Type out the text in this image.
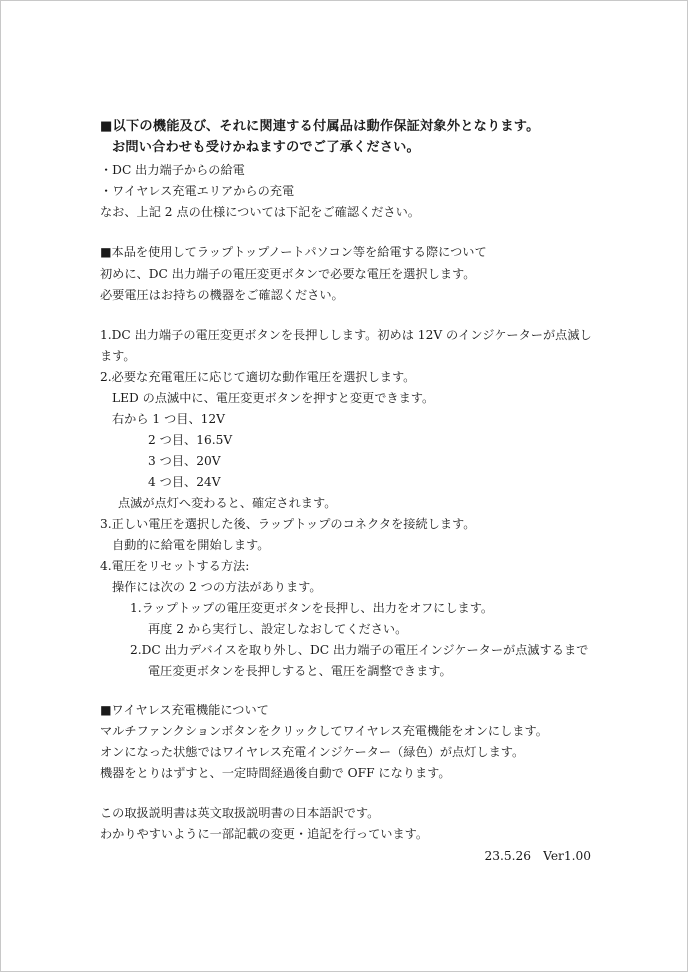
■以下の機能及び、それに関連する付属品は動作保証対象外となります。
お問い合わせも受けかねますのでご了承ください。
・DC 出力端子からの給電
・ワイヤレス充電エリアからの充電
なお、上記 2 点の仕様については下記をご確認ください。
■本品を使用してラップトップノートパソコン等を給電する際について
初めに、DC 出力端子の電圧変更ボタンで必要な電圧を選択します。
必要電圧はお持ちの機器をご確認ください。
1.DC 出力端子の電圧変更ボタンを長押しします。初めは 12V のインジケーターが点滅し
ます。
2.必要な充電電圧に応じて適切な動作電圧を選択します。
LED の点滅中に、電圧変更ボタンを押すと変更できます。
右から 1 つ目、12V
2 つ目、16.5V
3 つ目、20V
4 つ目、24V
点滅が点灯へ変わると、確定されます。
3.正しい電圧を選択した後、ラップトップのコネクタを接続します。
自動的に給電を開始します。
4.電圧をリセットする方法:
操作には次の 2 つの方法があります。
1.ラップトップの電圧変更ボタンを長押し、出力をオフにします。
再度 2 から実行し、設定しなおしてください。
2.DC 出力デバイスを取り外し、DC 出力端子の電圧インジケーターが点滅するまで
電圧変更ボタンを長押しすると、電圧を調整できます。
■ワイヤレス充電機能について
マルチファンクションボタンをクリックしてワイヤレス充電機能をオンにします。
オンになった状態ではワイヤレス充電インジケーター（緑色）が点灯します。
機器をとりはずすと、一定時間経過後自動で OFF になります。
この取扱説明書は英文取扱説明書の日本語訳です。
わかりやすいように一部記載の変更・追記を行っています。
23.5.26　Ver1.00
